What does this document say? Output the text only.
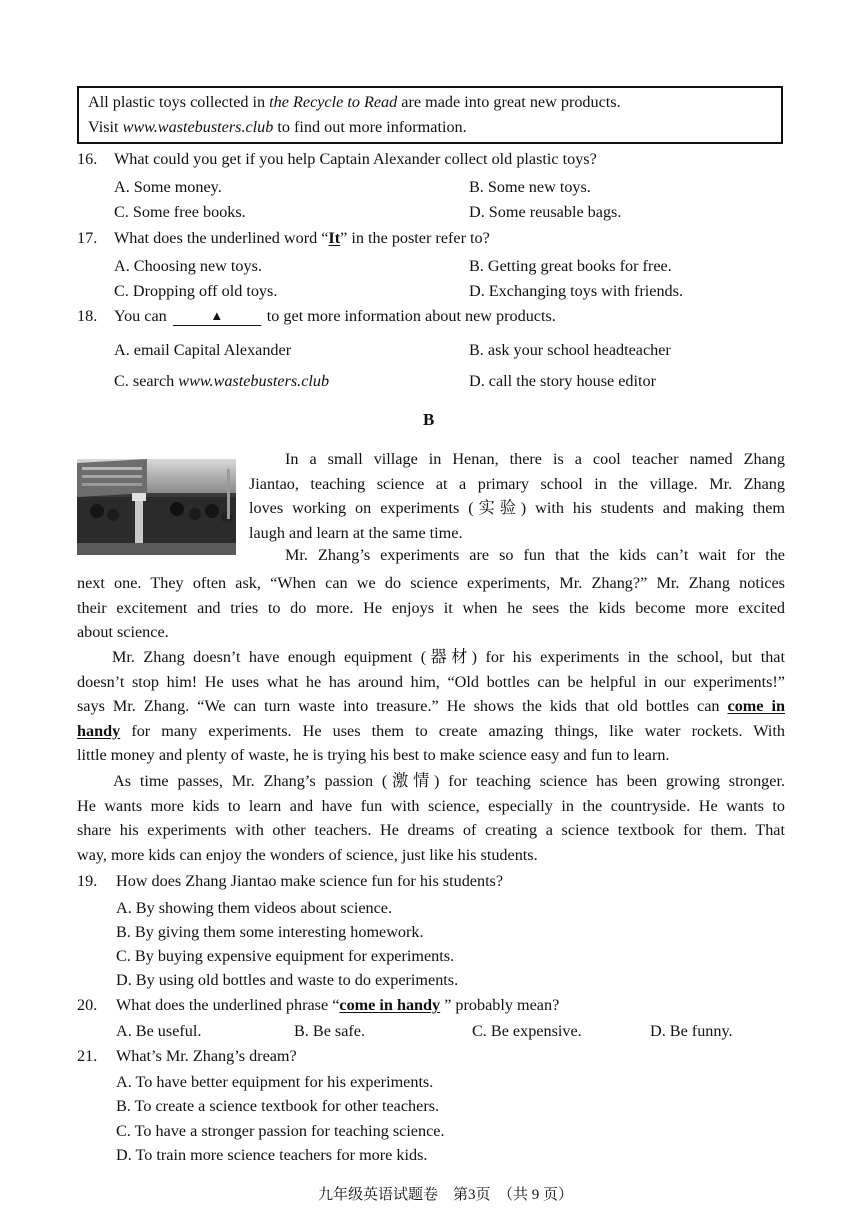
All plastic toys collected in the Recycle to Read are made into great new products.
Visit www.wastebusters.club to find out more information.
16. What could you get if you help Captain Alexander collect old plastic toys?
A. Some money.	B. Some new toys.
C. Some free books.	D. Some reusable bags.
17. What does the underlined word “It” in the poster refer to?
A. Choosing new toys.	B. Getting great books for free.
C. Dropping off old toys.	D. Exchanging toys with friends.
18. You can	▲	to get more information about new products.
A. email Capital Alexander	B. ask your school headteacher
C. search www.wastebusters.club	D. call the story house editor
B
In a small village in Henan, there is a cool teacher named Zhang
Jiantao, teaching science at a primary school in the village. Mr. Zhang
loves working on experiments (实验) with his students and making them
laugh and learn at the same time.
Mr. Zhang’s experiments are so fun that the kids can’t wait for the
next one. They often ask, “When can we do science experiments, Mr. Zhang?” Mr. Zhang notices
their excitement and tries to do more. He enjoys it when he sees the kids become more excited
about science.
Mr. Zhang doesn’t have enough equipment (器材) for his experiments in the school, but that
doesn’t stop him! He uses what he has around him, “Old bottles can be helpful in our experiments!”
says Mr. Zhang. “We can turn waste into treasure.” He shows the kids that old bottles can come in
handy for many experiments. He uses them to create amazing things, like water rockets. With
little money and plenty of waste, he is trying his best to make science easy and fun to learn.
As time passes, Mr. Zhang’s passion (激情) for teaching science has been growing stronger.
He wants more kids to learn and have fun with science, especially in the countryside. He wants to
share his experiments with other teachers. He dreams of creating a science textbook for them. That
way, more kids can enjoy the wonders of science, just like his students.
19. How does Zhang Jiantao make science fun for his students?
A. By showing them videos about science.
B. By giving them some interesting homework.
C. By buying expensive equipment for experiments.
D. By using old bottles and waste to do experiments.
20. What does the underlined phrase “come in handy ” probably mean?
A. Be useful.	B. Be safe.	C. Be expensive.	D. Be funny.
21. What’s Mr. Zhang’s dream?
A. To have better equipment for his experiments.
B. To create a science textbook for other teachers.
C. To have a stronger passion for teaching science.
D. To train more science teachers for more kids.
九年级英语试题卷　第3页　（共 9 页）
